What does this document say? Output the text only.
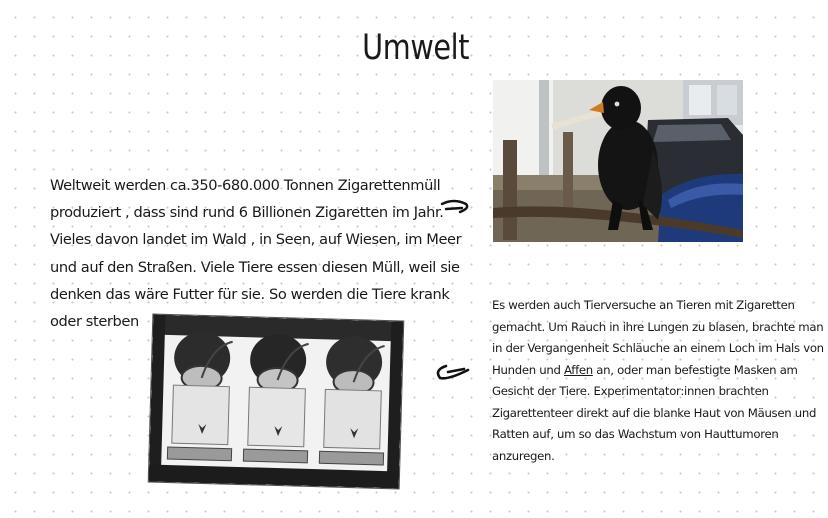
Umwelt

Weltweit werden ca.350-680.000 Tonnen Zigarettenmüll produziert , dass sind rund 6 Billionen Zigaretten im Jahr. Vieles davon landet im Wald , in Seen, auf Wiesen, im Meer und auf den Straßen. Viele Tiere essen diesen Müll, weil sie denken das wäre Futter für sie. So werden die Tiere krank oder sterben

Es werden auch Tierversuche an Tieren mit Zigaretten gemacht. Um Rauch in ihre Lungen zu blasen, brachte man in der Vergangenheit Schläuche an einem Loch im Hals von Hunden und Affen an, oder man befestigte Masken am Gesicht der Tiere. Experimentator:innen brachten Zigarettenteer direkt auf die blanke Haut von Mäusen und Ratten auf, um so das Wachstum von Hauttumoren anzuregen.
